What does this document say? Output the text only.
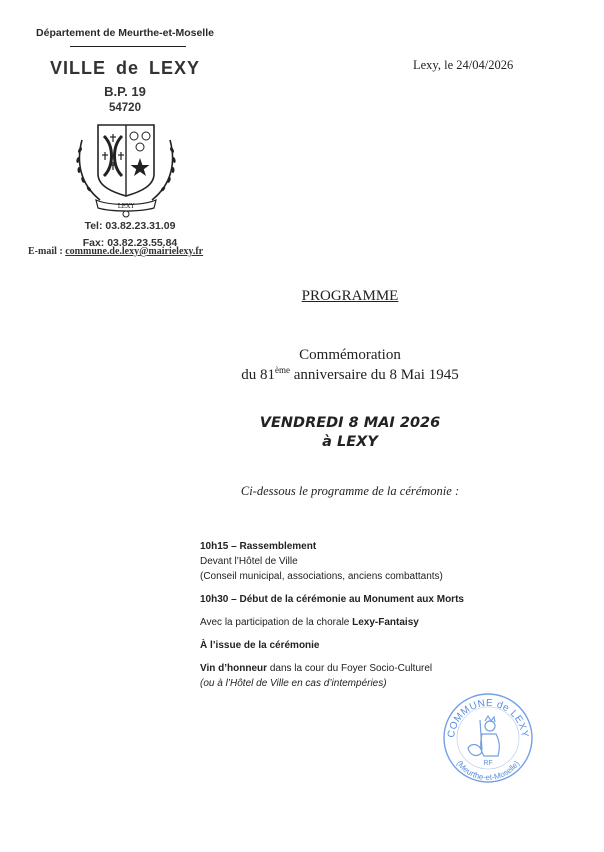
Département de Meurthe-et-Moselle
VILLE de LEXY
B.P. 19
54720
LEXY
Tel: 03.82.23.31.09
Fax: 03.82.23.55.84
E-mail : commune.de.lexy@mairielexy.fr
Lexy, le 24/04/2026
PROGRAMME
Commémoration
du 81ème anniversaire du 8 Mai 1945
VENDREDI 8 MAI 2026
à LEXY
Ci-dessous le programme de la cérémonie :
10h15 – Rassemblement
Devant l’Hôtel de Ville
(Conseil municipal, associations, anciens combattants)
10h30 – Début de la cérémonie au Monument aux Morts
Avec la participation de la chorale Lexy-Fantaisy
À l’issue de la cérémonie
Vin d’honneur dans la cour du Foyer Socio-Culturel
(ou à l’Hôtel de Ville en cas d’intempéries)
COMMUNE de LEXY
(Meurthe-et-Moselle)
RF
